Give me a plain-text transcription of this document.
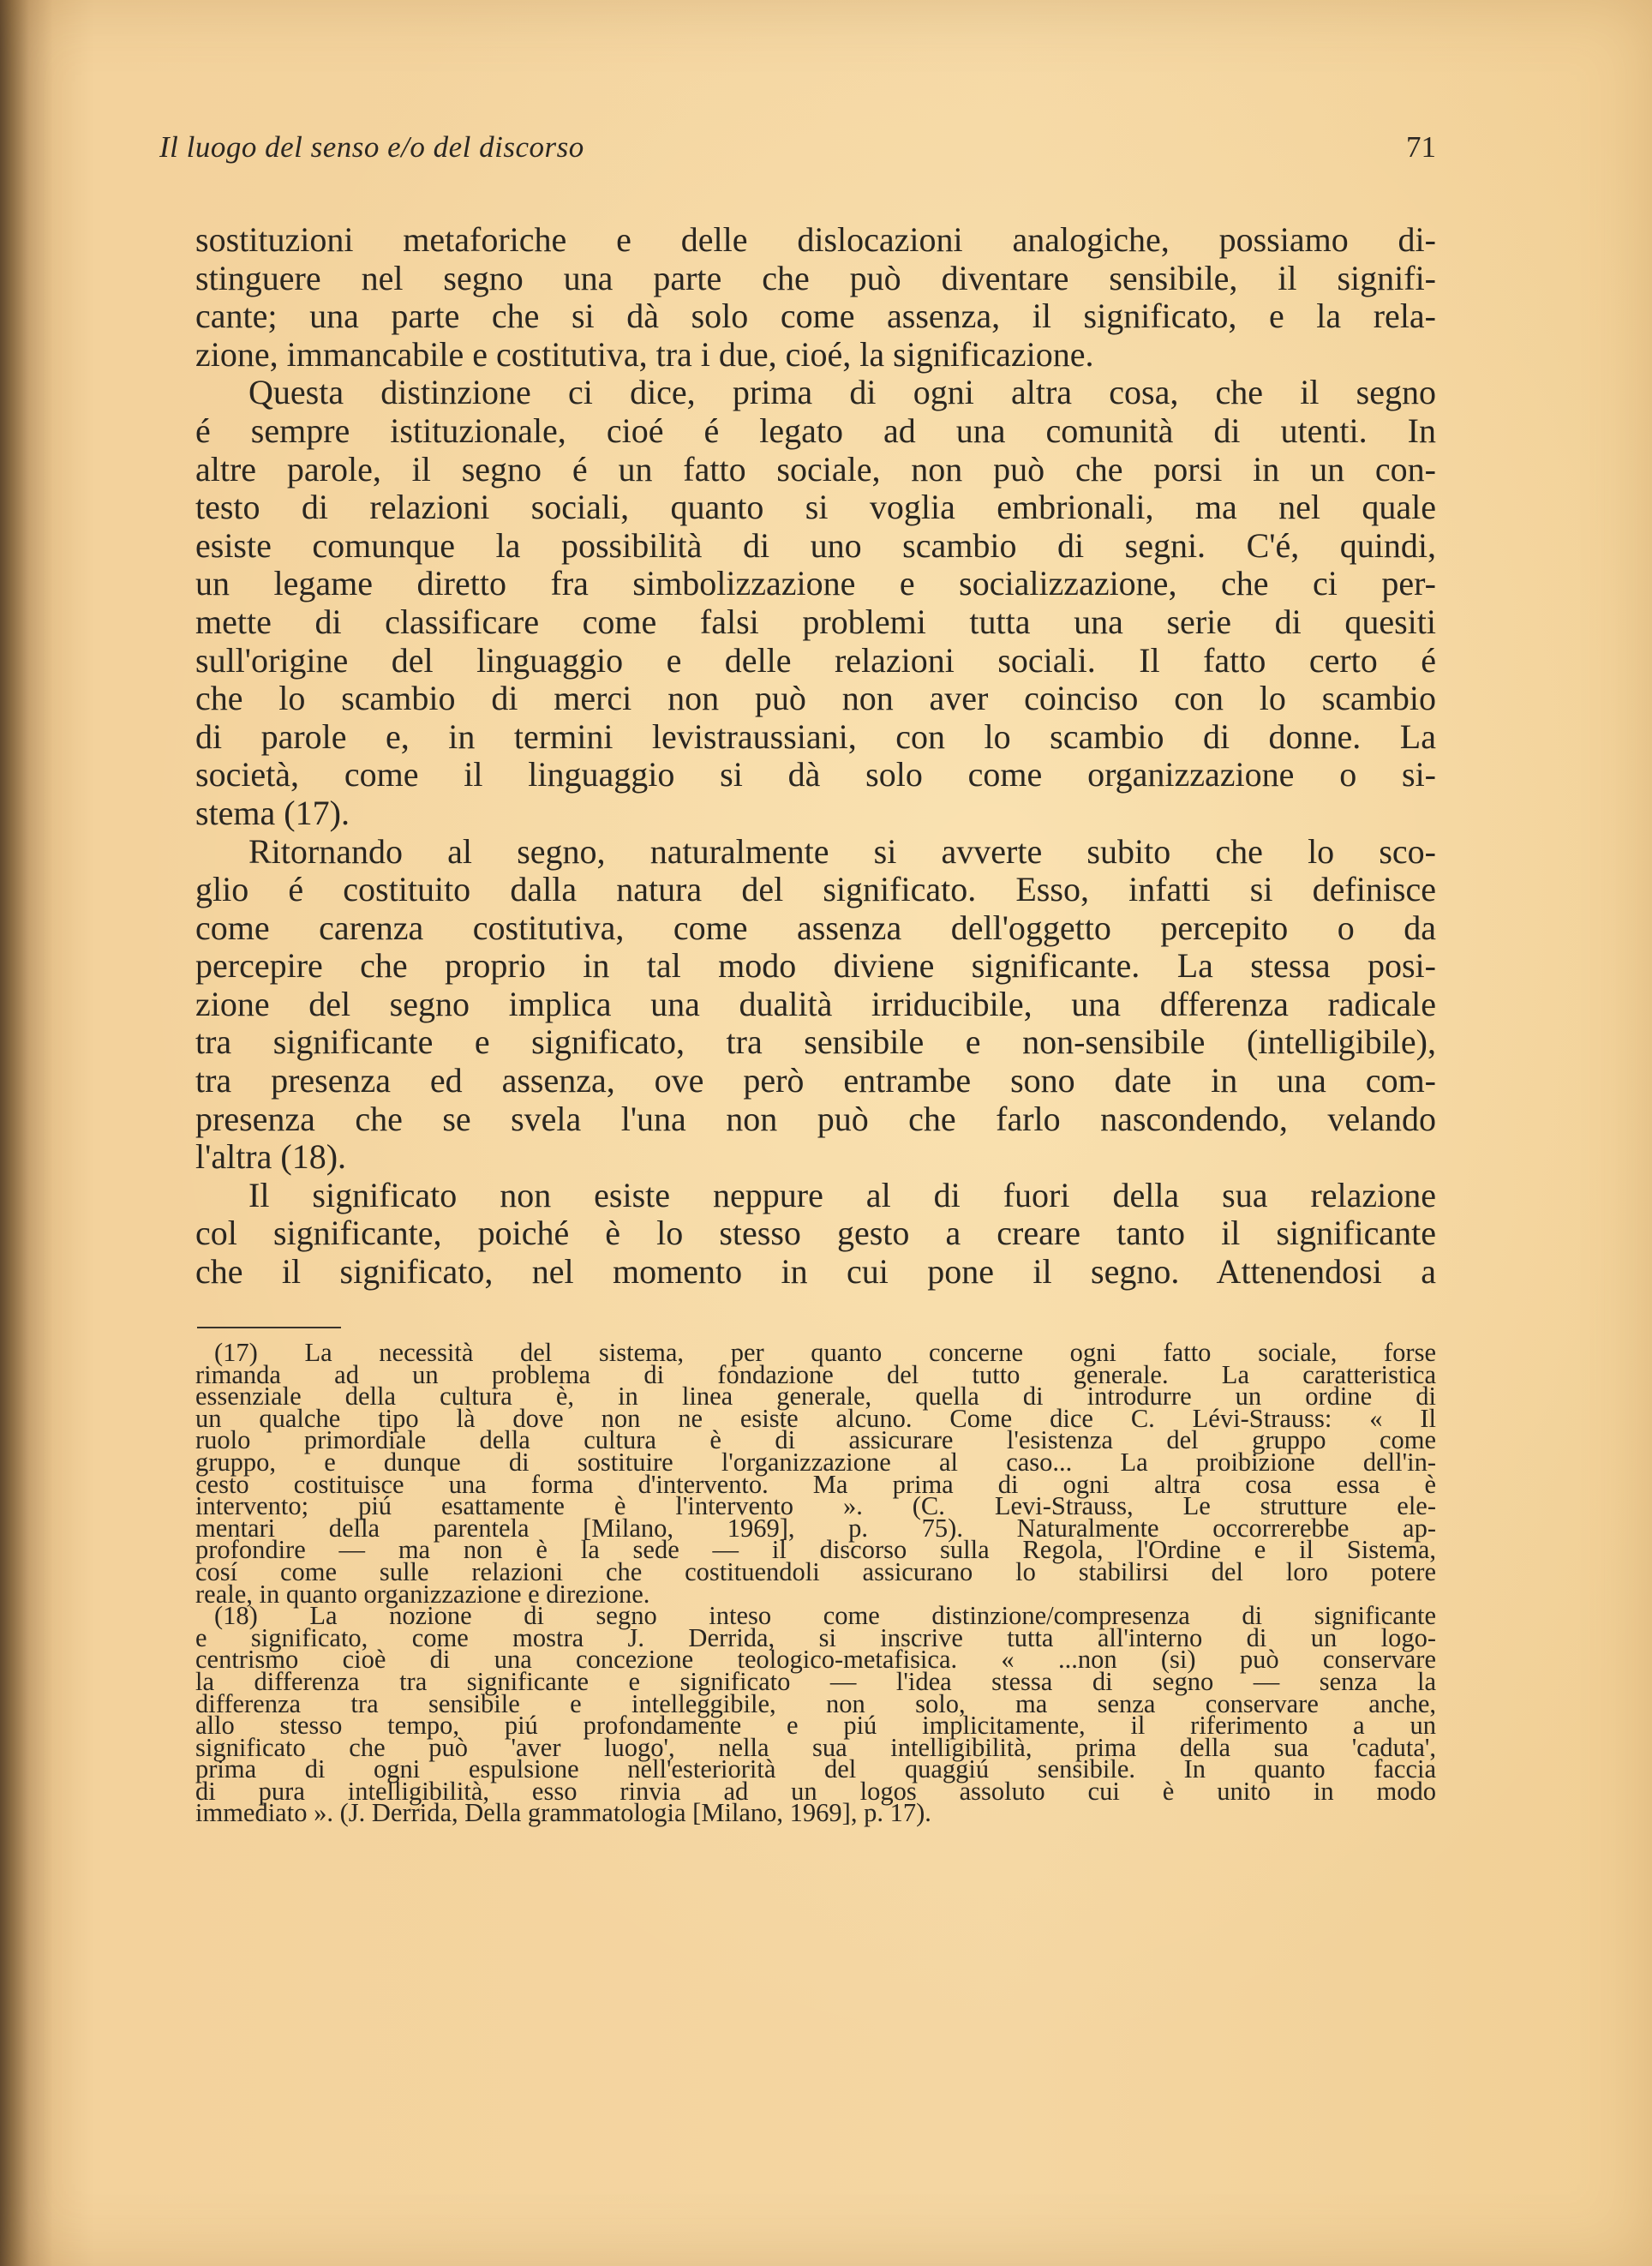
Il luogo del senso e/o del discorso	71
sostituzioni metaforiche e delle dislocazioni analogiche, possiamo di-
stinguere nel segno una parte che può diventare sensibile, il signifi-
cante; una parte che si dà solo come assenza, il significato, e la rela-
zione, immancabile e costitutiva, tra i due, cioé, la significazione.
Questa distinzione ci dice, prima di ogni altra cosa, che il segno
é sempre istituzionale, cioé é legato ad una comunità di utenti. In
altre parole, il segno é un fatto sociale, non può che porsi in un con-
testo di relazioni sociali, quanto si voglia embrionali, ma nel quale
esiste comunque la possibilità di uno scambio di segni. C'é, quindi,
un legame diretto fra simbolizzazione e socializzazione, che ci per-
mette di classificare come falsi problemi tutta una serie di quesiti
sull'origine del linguaggio e delle relazioni sociali. Il fatto certo é
che lo scambio di merci non può non aver coinciso con lo scambio
di parole e, in termini levistraussiani, con lo scambio di donne. La
società, come il linguaggio si dà solo come organizzazione o si-
stema (17).
Ritornando al segno, naturalmente si avverte subito che lo sco-
glio é costituito dalla natura del significato. Esso, infatti si definisce
come carenza costitutiva, come assenza dell'oggetto percepito o da
percepire che proprio in tal modo diviene significante. La stessa posi-
zione del segno implica una dualità irriducibile, una dfferenza radicale
tra significante e significato, tra sensibile e non-sensibile (intelligibile),
tra presenza ed assenza, ove però entrambe sono date in una com-
presenza che se svela l'una non può che farlo nascondendo, velando
l'altra (18).
Il significato non esiste neppure al di fuori della sua relazione
col significante, poiché è lo stesso gesto a creare tanto il significante
che il significato, nel momento in cui pone il segno. Attenendosi a
(17) La necessità del sistema, per quanto concerne ogni fatto sociale, forse
rimanda ad un problema di fondazione del tutto generale. La caratteristica
essenziale della cultura è, in linea generale, quella di introdurre un ordine di
un qualche tipo là dove non ne esiste alcuno. Come dice C. Lévi-Strauss: « Il
ruolo primordiale della cultura è di assicurare l'esistenza del gruppo come
gruppo, e dunque di sostituire l'organizzazione al caso... La proibizione dell'in-
cesto costituisce una forma d'intervento. Ma prima di ogni altra cosa essa è
intervento; piú esattamente è l'intervento ». (C. Levi-Strauss, Le strutture ele-
mentari della parentela [Milano, 1969], p. 75). Naturalmente occorrerebbe ap-
profondire — ma non è la sede — il discorso sulla Regola, l'Ordine e il Sistema,
cosí come sulle relazioni che costituendoli assicurano lo stabilirsi del loro potere
reale, in quanto organizzazione e direzione.
(18) La nozione di segno inteso come distinzione/compresenza di significante
e significato, come mostra J. Derrida, si inscrive tutta all'interno di un logo-
centrismo cioè di una concezione teologico-metafisica. « ...non (si) può conservare
la differenza tra significante e significato — l'idea stessa di segno — senza la
differenza tra sensibile e intelleggibile, non solo, ma senza conservare anche,
allo stesso tempo, piú profondamente e piú implicitamente, il riferimento a un
significato che può 'aver luogo', nella sua intelligibilità, prima della sua 'caduta',
prima di ogni espulsione nell'esteriorità del quaggiú sensibile. In quanto faccia
di pura intelligibilità, esso rinvia ad un logos assoluto cui è unito in modo
immediato ». (J. Derrida, Della grammatologia [Milano, 1969], p. 17).
